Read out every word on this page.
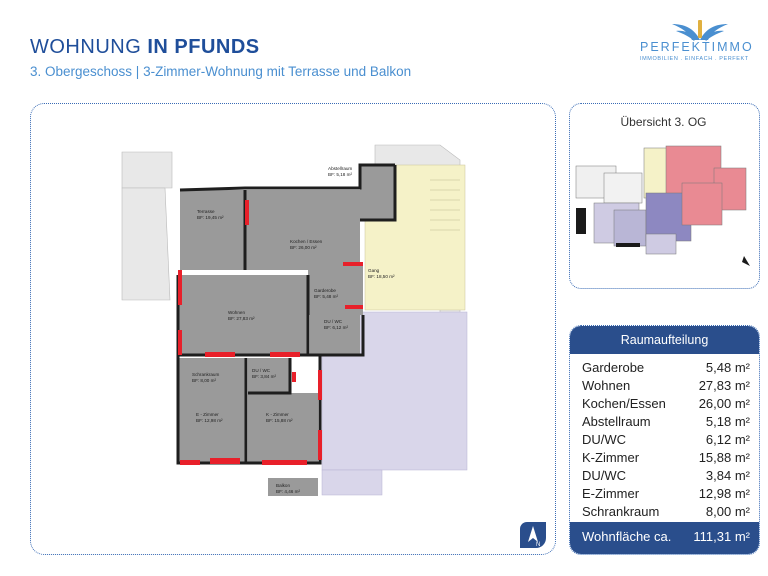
WOHNUNG IN PFUNDS
3. Obergeschoss | 3-Zimmer-Wohnung mit Terrasse und Balkon
PERFEKTIMMO
IMMOBILIEN . EINFACH . PERFEKT
Terrasse
BF: 19,45 m²
Kochen / Essen
BF: 26,00 m²
Abstellraum
BF: 5,18 m²
Wohnen
BF: 27,83 m²
Garderobe
BF: 5,48 m²
DU / WC
BF: 6,12 m²
Gang
BF: 18,50 m²
Schrankraum
BF: 8,00 m²
DU / WC
BF: 3,84 m²
E - Zimmer
BF: 12,98 m²
K - Zimmer
BF: 15,88 m²
Balkon
BF: 4,46 m²
Übersicht 3. OG
Raumaufteilung
Garderobe	5,48 m²
Wohnen	27,83 m²
Kochen/Essen	26,00 m²
Abstellraum	5,18 m²
DU/WC	6,12 m²
K-Zimmer	15,88 m²
DU/WC	3,84 m²
E-Zimmer	12,98 m²
Schrankraum	8,00 m²
Wohnfläche ca. 111,31 m²
N
